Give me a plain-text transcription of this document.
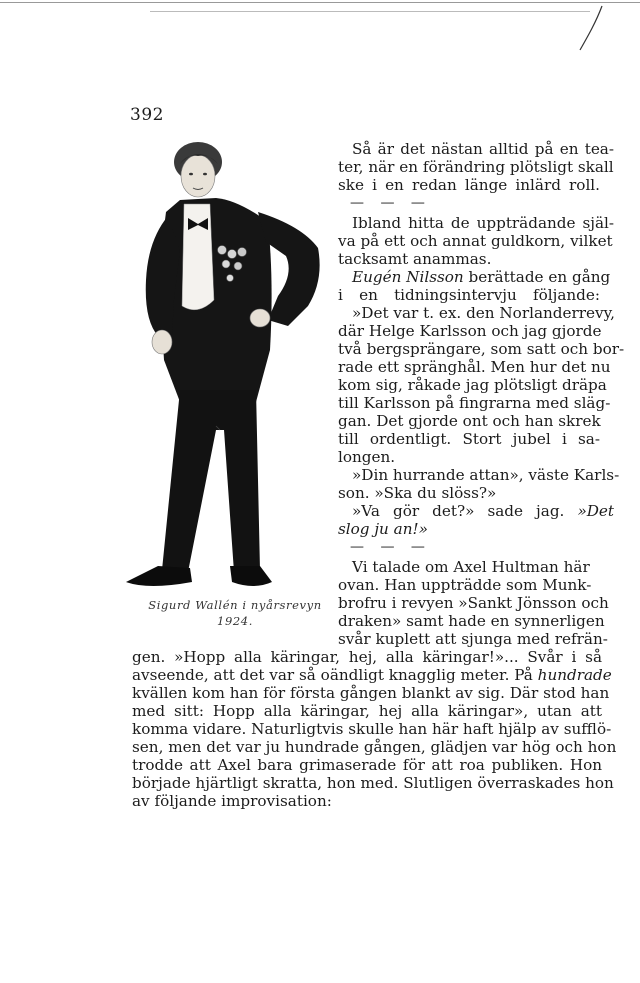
392
Sigurd Wallén i nyårsrevyn
1924.
Så är det nästan alltid på en tea-
ter, när en förändring plötsligt skall
ske i en redan länge inlärd roll.
— — —
Ibland hitta de uppträdande själ-
va på ett och annat guldkorn, vilket
tacksamt anammas.
Eugén Nilsson berättade en gång
i en tidningsintervju följande:
»Det var t. ex. den Norlanderrevy,
där Helge Karlsson och jag gjorde
två bergsprängare, som satt och bor-
rade ett spränghål. Men hur det nu
kom sig, råkade jag plötsligt dräpa
till Karlsson på fingrarna med släg-
gan. Det gjorde ont och han skrek
till ordentligt. Stort jubel i sa-
longen.
»Din hurrande attan», väste Karls-
son. »Ska du slöss?»
»Va gör det?» sade jag. »Det
slog ju an!»
— — —
Vi talade om Axel Hultman här
ovan. Han uppträdde som Munk-
brofru i revyen »Sankt Jönsson och
draken» samt hade en synnerligen
svår kuplett att sjunga med refrän-
gen. »Hopp alla käringar, hej, alla käringar!»... Svår i så
avseende, att det var så oändligt knagglig meter. På hundrade
kvällen kom han för första gången blankt av sig. Där stod han
med sitt: Hopp alla käringar, hej alla käringar», utan att
komma vidare. Naturligtvis skulle han här haft hjälp av sufflö-
sen, men det var ju hundrade gången, glädjen var hög och hon
trodde att Axel bara grimaserade för att roa publiken. Hon
började hjärtligt skratta, hon med. Slutligen överraskades hon
av följande improvisation:
